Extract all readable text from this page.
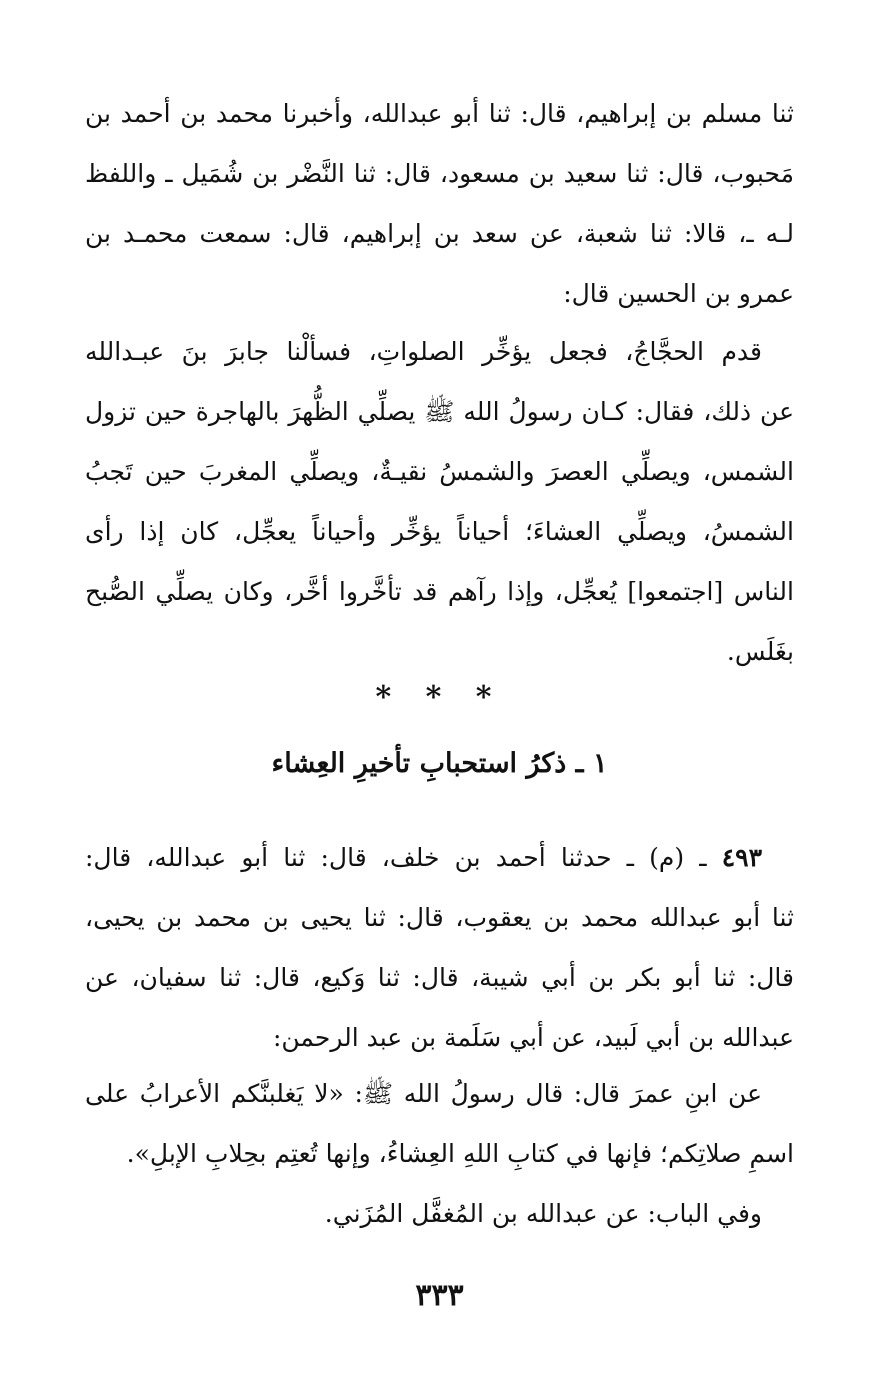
ثنا مسلم بن إبراهيم، قال: ثنا أبو عبدالله، وأخبرنا محمد بن أحمد بن
مَحبوب، قال: ثنا سعيد بن مسعود، قال: ثنا النَّضْر بن شُمَيل ـ واللفظ
لـه ـ، قالا: ثنا شعبة، عن سعد بن إبراهيم، قال: سمعت محمـد بن
عمرو بن الحسين قال:
قدم الحجَّاجُ، فجعل يؤخِّر الصلواتِ، فسألْنا جابرَ بنَ عبـدالله
عن ذلك، فقال: كـان رسولُ الله ﷺ يصلِّي الظُّهرَ بالهاجرة حين تزول
الشمس، ويصلِّي العصرَ والشمسُ نقيـةٌ، ويصلِّي المغربَ حين تَجبُ
الشمسُ، ويصلِّي العشاءَ؛ أحياناً يؤخِّر وأحياناً يعجِّل، كان إذا رأى
الناس [اجتمعوا] يُعجِّل، وإذا رآهم قد تأخَّروا أخَّر، وكان يصلِّي الصُّبح
بغَلَس.
* * *
١ ـ ذكرُ استحبابِ تأخيرِ العِشاء
٤٩٣ ـ (م) ـ حدثنا أحمد بن خلف، قال: ثنا أبو عبدالله، قال:
ثنا أبو عبدالله محمد بن يعقوب، قال: ثنا يحيى بن محمد بن يحيى،
قال: ثنا أبو بكر بن أبي شيبة، قال: ثنا وَكيع، قال: ثنا سفيان، عن
عبدالله بن أبي لَبيد، عن أبي سَلَمة بن عبد الرحمن:
عن ابنِ عمرَ قال: قال رسولُ الله ﷺ: «لا يَغلبنَّكم الأعرابُ على
اسمِ صلاتِكم؛ فإنها في كتابِ اللهِ العِشاءُ، وإنها تُعتِم بحِلابِ الإبلِ».
وفي الباب: عن عبدالله بن المُغفَّل المُزَني.
٣٣٣
